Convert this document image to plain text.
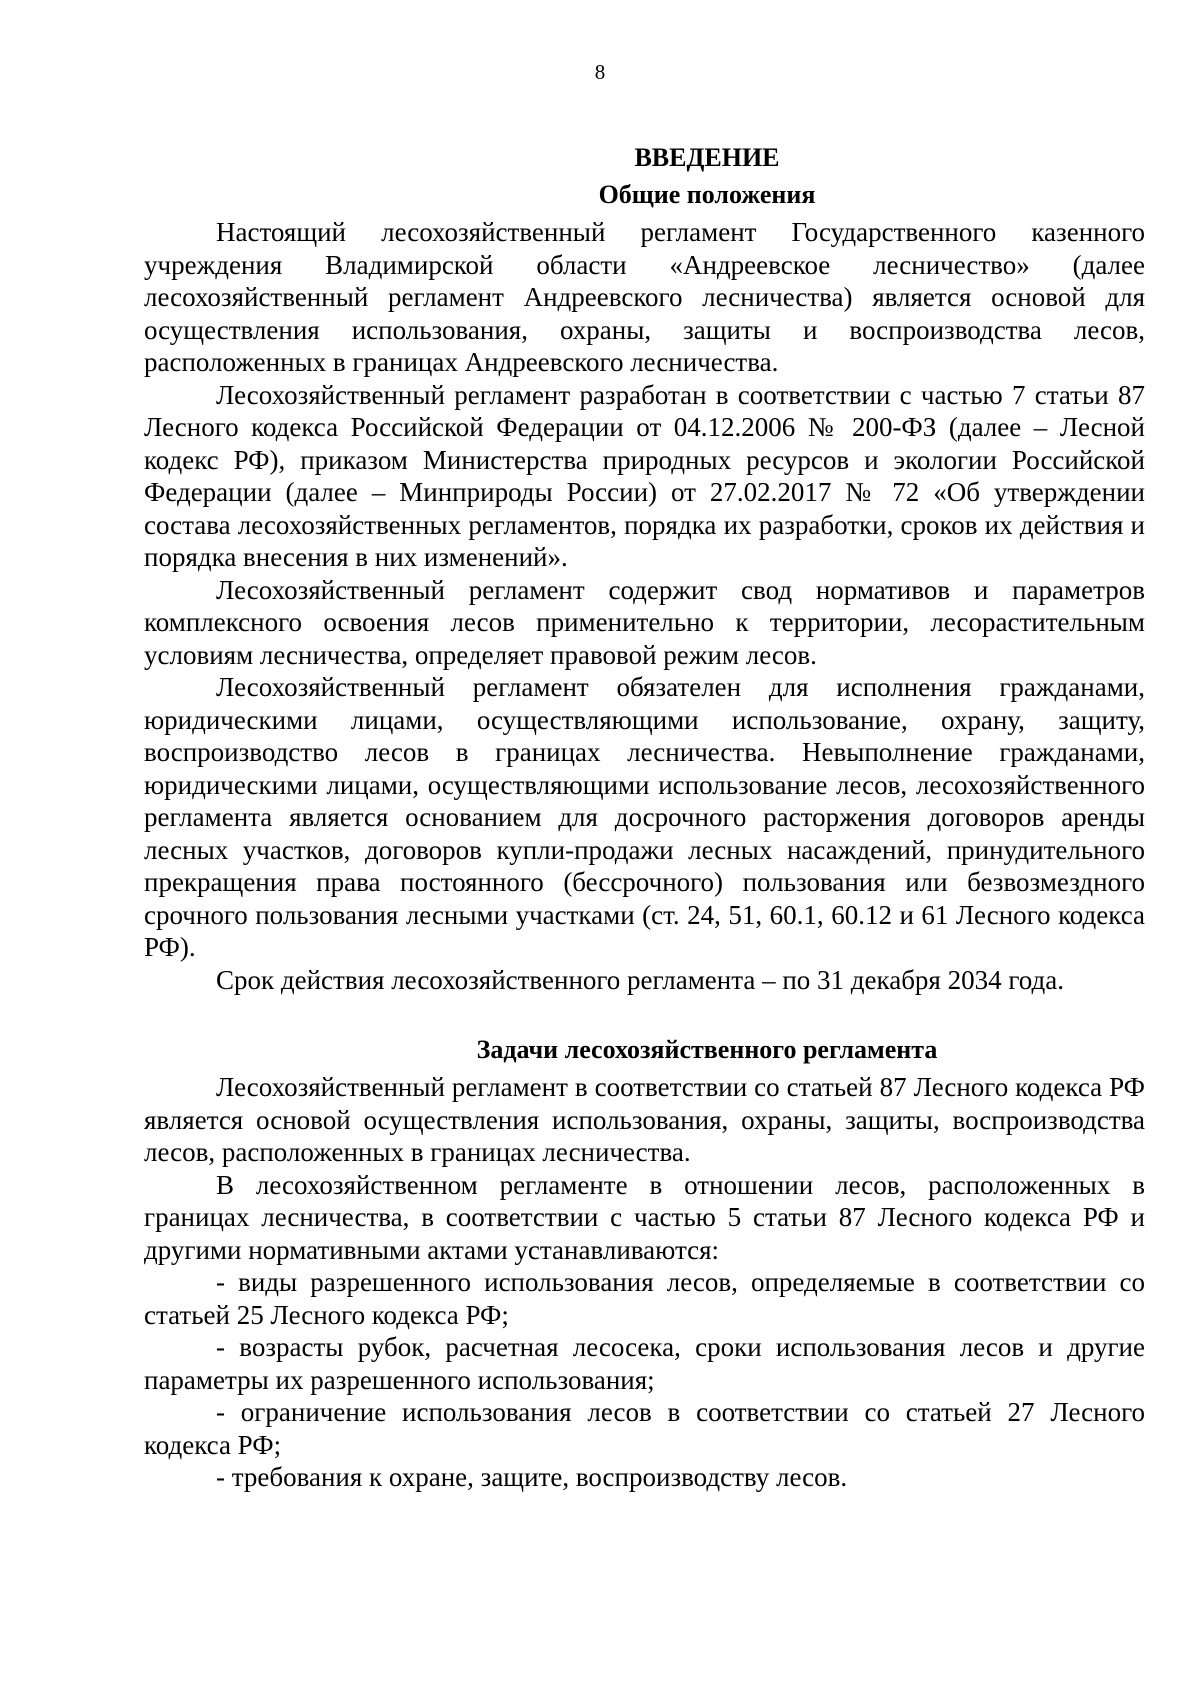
8
ВВЕДЕНИЕ
Общие положения

Настоящий лесохозяйственный регламент Государственного казенного учреждения Владимирской области «Андреевское лесничество» (далее лесохозяйственный регламент Андреевского лесничества) является основой для осуществления использования, охраны, защиты и воспроизводства лесов, расположенных в границах Андреевского лесничества.

Лесохозяйственный регламент разработан в соответствии с частью 7 статьи 87 Лесного кодекса Российской Федерации от 04.12.2006 № 200-ФЗ (далее – Лесной кодекс РФ), приказом Министерства природных ресурсов и экологии Российской Федерации (далее – Минприроды России) от 27.02.2017 № 72 «Об утверждении состава лесохозяйственных регламентов, порядка их разработки, сроков их действия и порядка внесения в них изменений».

Лесохозяйственный регламент содержит свод нормативов и параметров комплексного освоения лесов применительно к территории, лесорастительным условиям лесничества, определяет правовой режим лесов.

Лесохозяйственный регламент обязателен для исполнения гражданами, юридическими лицами, осуществляющими использование, охрану, защиту, воспроизводство лесов в границах лесничества. Невыполнение гражданами, юридическими лицами, осуществляющими использование лесов, лесохозяйственного регламента является основанием для досрочного расторжения договоров аренды лесных участков, договоров купли-продажи лесных насаждений, принудительного прекращения права постоянного (бессрочного) пользования или безвозмездного срочного пользования лесными участками (ст. 24, 51, 60.1, 60.12 и 61 Лесного кодекса РФ).

Срок действия лесохозяйственного регламента – по 31 декабря 2034 года.

Задачи лесохозяйственного регламента

Лесохозяйственный регламент в соответствии со статьей 87 Лесного кодекса РФ является основой осуществления использования, охраны, защиты, воспроизводства лесов, расположенных в границах лесничества.

В лесохозяйственном регламенте в отношении лесов, расположенных в границах лесничества, в соответствии с частью 5 статьи 87 Лесного кодекса РФ и другими нормативными актами устанавливаются:

- виды разрешенного использования лесов, определяемые в соответствии со статьей 25 Лесного кодекса РФ;

- возрасты рубок, расчетная лесосека, сроки использования лесов и другие параметры их разрешенного использования;

- ограничение использования лесов в соответствии со статьей 27 Лесного кодекса РФ;

- требования к охране, защите, воспроизводству лесов.
